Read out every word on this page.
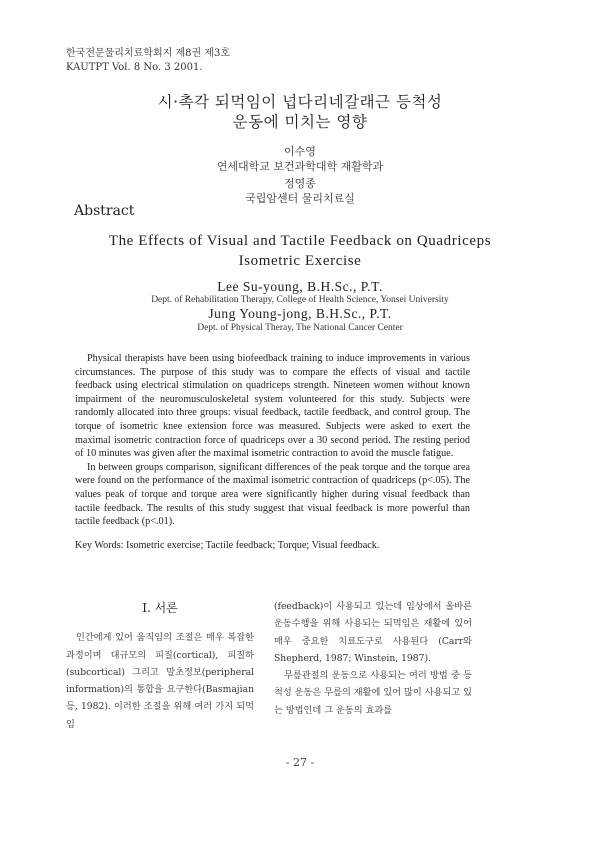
한국전문물리치료학회지 제8권 제3호
KAUTPT Vol. 8 No. 3 2001.
시·촉각 되먹임이 넙다리네갈래근 등척성
운동에 미치는 영향
이수영
연세대학교 보건과학대학 재활학과
정영종
국립암센터 물리치료실
Abstract
The Effects of Visual and Tactile Feedback on Quadriceps
Isometric Exercise
Lee Su-young, B.H.Sc., P.T.
Dept. of Rehabilitation Therapy, College of Health Science, Yonsei University
Jung Young-jong, B.H.Sc., P.T.
Dept. of Physical Theray, The National Cancer Center

Physical therapists have been using biofeedback training to induce improvements in various circumstances. The purpose of this study was to compare the effects of visual and tactile feedback using electrical stimulation on quadriceps strength. Nineteen women without known impairment of the neuromusculoskeletal system volunteered for this study. Subjects were randomly allocated into three groups: visual feedback, tactile feedback, and control group. The torque of isometric knee extension force was measured. Subjects were asked to exert the maximal isometric contraction force of quadriceps over a 30 second period. The resting period of 10 minutes was given after the maximal isometric contraction to avoid the muscle fatigue.

In between groups comparison, significant differences of the peak torque and the torque area were found on the performance of the maximal isometric contraction of quadriceps (p<.05). The values peak of torque and torque area were significantly higher during visual feedback than tactile feedback. The results of this study suggest that visual feedback is more powerful than tactile feedback (p<.01).

Key Words: Isometric exercise; Tactile feedback; Torque; Visual feedback.
I. 서론

인간에게 있어 움직임의 조절은 매우 복잡한 과정이며 대규모의 피질(cortical), 피질하(subcortical) 그리고 말초정보(peripheral information)의 통합을 요구한다(Basmajian 등, 1982). 이러한 조절을 위해 여러 가지 되먹임

(feedback)이 사용되고 있는데 임상에서 올바른 운동수행을 위해 사용되는 되먹임은 재활에 있어 매우 중요한 치료도구로 사용된다 (Carr와 Shepherd, 1987; Winstein, 1987).

무릎관절의 운동으로 사용되는 여러 방법 중 등척성 운동은 무릎의 재활에 있어 많이 사용되고 있는 방법인데 그 운동의 효과를

- 27 -
